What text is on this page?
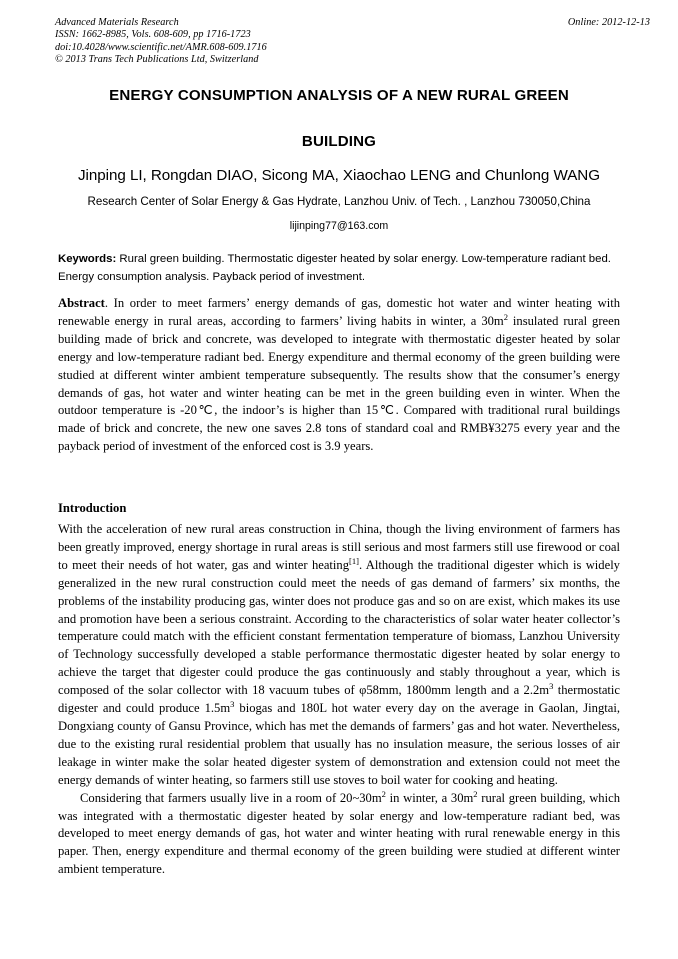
Advanced Materials Research	Online: 2012-12-13
ISSN: 1662-8985, Vols. 608-609, pp 1716-1723
doi:10.4028/www.scientific.net/AMR.608-609.1716
© 2013 Trans Tech Publications Ltd, Switzerland
ENERGY CONSUMPTION ANALYSIS OF A NEW RURAL GREEN
BUILDING
Jinping LI, Rongdan DIAO, Sicong MA, Xiaochao LENG and Chunlong WANG
Research Center of Solar Energy & Gas Hydrate, Lanzhou Univ. of Tech. , Lanzhou 730050,China
lijinping77@163.com
Keywords: Rural green building. Thermostatic digester heated by solar energy. Low-temperature radiant bed. Energy consumption analysis. Payback period of investment.
Abstract. In order to meet farmers’ energy demands of gas, domestic hot water and winter heating with renewable energy in rural areas, according to farmers’ living habits in winter, a $30m^2$ insulated rural green building made of brick and concrete, was developed to integrate with thermostatic digester heated by solar energy and low-temperature radiant bed. Energy expenditure and thermal economy of the green building were studied at different winter ambient temperature subsequently. The results show that the consumer’s energy demands of gas, hot water and winter heating can be met in the green building even in winter. When the outdoor temperature is -20℃, the indoor’s is higher than 15℃. Compared with traditional rural buildings made of brick and concrete, the new one saves 2.8 tons of standard coal and RMB¥3275 every year and the payback period of investment of the enforced cost is 3.9 years.
Introduction

With the acceleration of new rural areas construction in China, though the living environment of farmers has been greatly improved, energy shortage in rural areas is still serious and most farmers still use firewood or coal to meet their needs of hot water, gas and winter heating[1]. Although the traditional digester which is widely generalized in the new rural construction could meet the needs of gas demand of farmers’ six months, the problems of the instability producing gas, winter does not produce gas and so on are exist, which makes its use and promotion have been a serious constraint. According to the characteristics of solar water heater collector’s temperature could match with the efficient constant fermentation temperature of biomass, Lanzhou University of Technology successfully developed a stable performance thermostatic digester heated by solar energy to achieve the target that digester could produce the gas continuously and stably throughout a year, which is composed of the solar collector with 18 vacuum tubes of φ58mm, 1800mm length and a $2.2m^3$ thermostatic digester and could produce $1.5m^3$ biogas and 180L hot water every day on the average in Gaolan, Jingtai, Dongxiang county of Gansu Province, which has met the demands of farmers’ gas and hot water. Nevertheless, due to the existing rural residential problem that usually has no insulation measure, the serious losses of air leakage in winter make the solar heated digester system of demonstration and extension could not meet the energy demands of winter heating, so farmers still use stoves to boil water for cooking and heating.

Considering that farmers usually live in a room of $20\sim 30m^2$ in winter, a $30m^2$ rural green building, which was integrated with a thermostatic digester heated by solar energy and low-temperature radiant bed, was developed to meet energy demands of gas, hot water and winter heating with rural renewable energy in this paper. Then, energy expenditure and thermal economy of the green building were studied at different winter ambient temperature.
